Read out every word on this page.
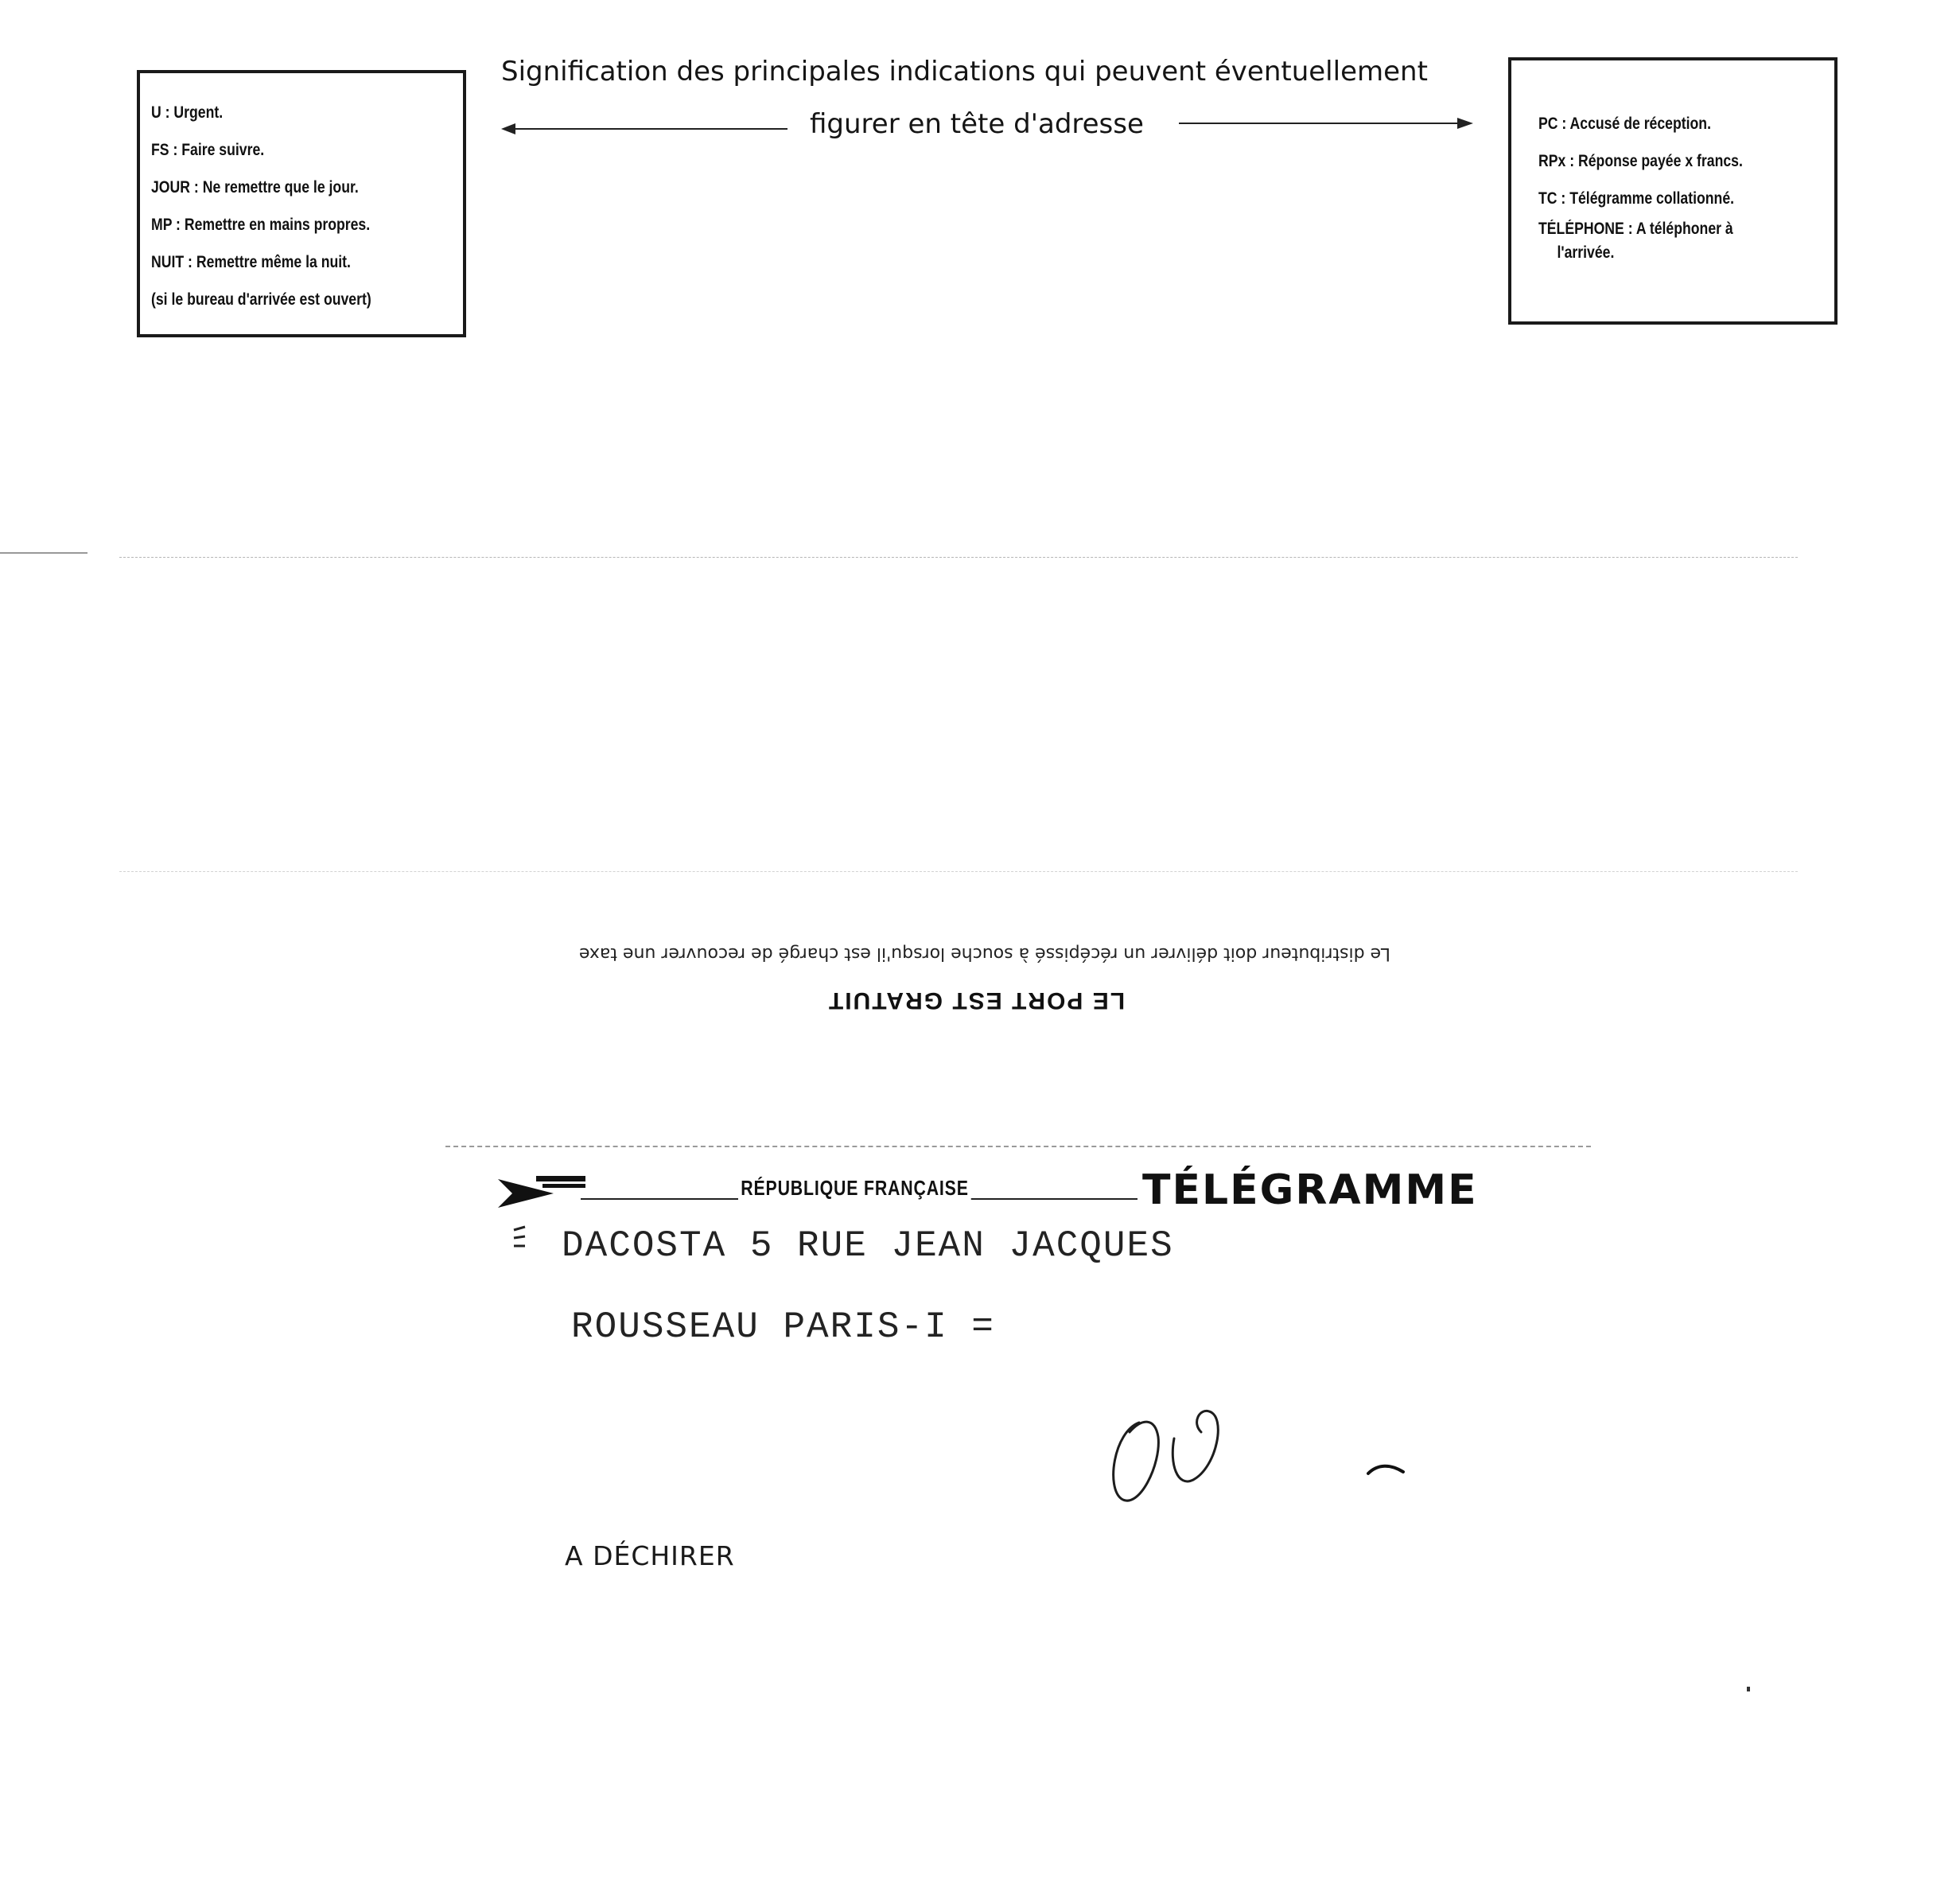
U : Urgent.
FS : Faire suivre.
JOUR : Ne remettre que le jour.
MP : Remettre en mains propres.
NUIT : Remettre même la nuit.
(si le bureau d'arrivée est ouvert)
Signification des principales indications qui peuvent éventuellement
figurer en tête d'adresse	PC : Accusé de réception.
RPx : Réponse payée x francs.
TC : Télégramme collationné.
TÉLÉPHONE : A téléphoner à
l'arrivée.
Le distributeur doit délivrer un récépissé à souche lorsqu'il est chargé de recouvrer une taxe
LE PORT EST GRATUIT
RÉPUBLIQUE FRANÇAISE	TÉLÉGRAMME
DACOSTA 5 RUE JEAN JACQUES
ROUSSEAU PARIS-I =
A DÉCHIRER
